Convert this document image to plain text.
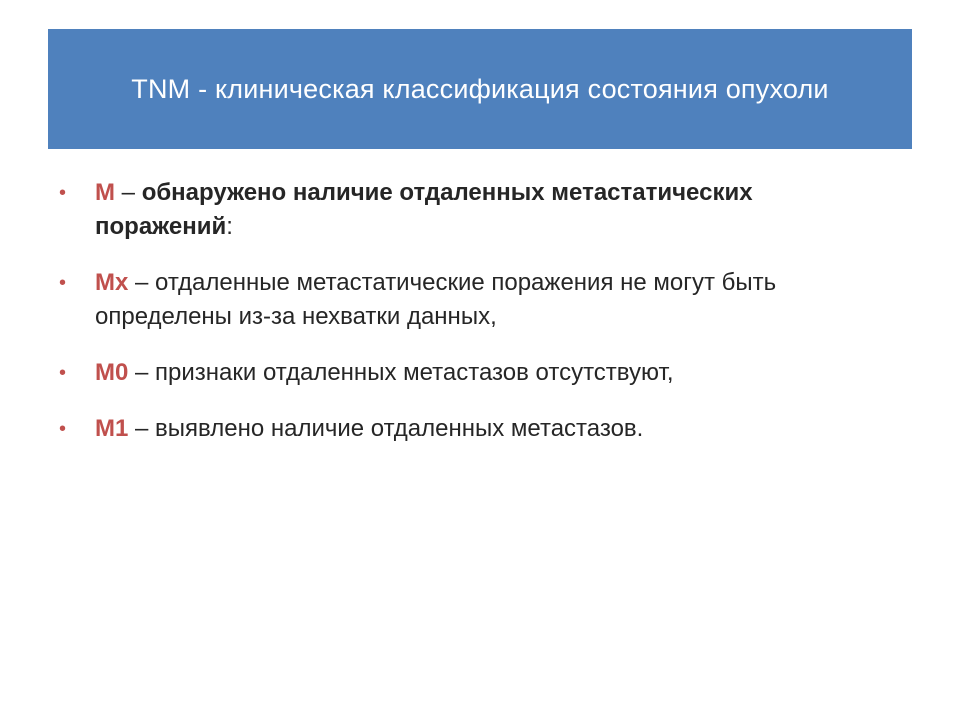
TNM - клиническая классификация состояния опухоли
• M – обнаружено наличие отдаленных метастатических поражений:
• Mx – отдаленные метастатические поражения не могут быть определены из-за нехватки данных,
• M0 – признаки отдаленных метастазов отсутствуют,
• M1 – выявлено наличие отдаленных метастазов.
